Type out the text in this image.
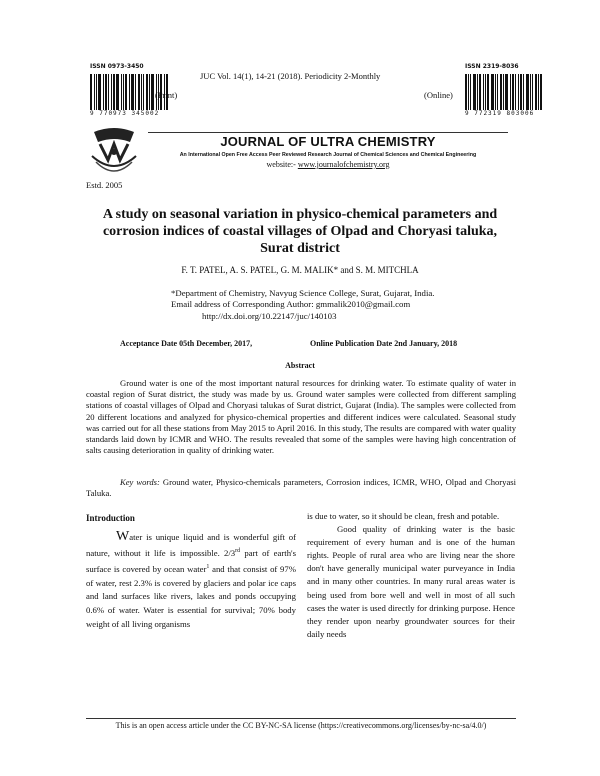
ISSN 0973-3450
9 770973 345002
(Print)
JUC Vol. 14(1), 14-21 (2018). Periodicity 2-Monthly
ISSN 2319-8036
9 772319 803006
(Online)
Estd. 2005
JOURNAL OF ULTRA CHEMISTRY
An International Open Free Access Peer Reviewed Research Journal of Chemical Sciences and Chemical Engineering
website:- www.journalofchemistry.org
A study on seasonal variation in physico-chemical parameters and corrosion indices of coastal villages of Olpad and Choryasi taluka, Surat district
F. T. PATEL, A. S. PATEL, G. M. MALIK* and S. M. MITCHLA
*Department of Chemistry, Navyug Science College, Surat, Gujarat, India.
Email address of Corresponding Author: gmmalik2010@gmail.com
http://dx.doi.org/10.22147/juc/140103
Acceptance Date 05th December, 2017,	Online Publication Date 2nd January, 2018
Abstract
Ground water is one of the most important natural resources for drinking water. To estimate quality of water in coastal region of Surat district, the study was made by us. Ground water samples were collected from different sampling stations of coastal villages of Olpad and Choryasi talukas of Surat district, Gujarat (India). The samples were collected from 20 different locations and analyzed for physico-chemical properties and different indices were calculated. Seasonal study was carried out for all these stations from May 2015 to April 2016. In this study, The results are compared with water quality standards laid down by ICMR and WHO. The results revealed that some of the samples were having high concentration of salts causing deterioration in quality of drinking water.
Key words: Ground water, Physico-chemicals parameters, Corrosion indices, ICMR, WHO, Olpad and Choryasi Taluka.
Introduction

Water is unique liquid and is wonderful gift of nature, without it life is impossible. 2/3rd part of earth's surface is covered by ocean water$^1$ and that consist of 97% of water, rest 2.3% is covered by glaciers and polar ice caps and land surfaces like rivers, lakes and ponds occupying 0.6% of water. Water is essential for survival; 70% body weight of all living organisms

is due to water, so it should be clean, fresh and potable.

Good quality of drinking water is the basic requirement of every human and is one of the human rights. People of rural area who are living near the shore don't have generally municipal water purveyance in India and in many other countries. In many rural areas water is being used from bore well and well in most of all such cases the water is used directly for drinking purpose. Hence they render upon nearby groundwater sources for their daily needs

This is an open access article under the CC BY-NC-SA license (https://creativecommons.org/licenses/by-nc-sa/4.0/)
